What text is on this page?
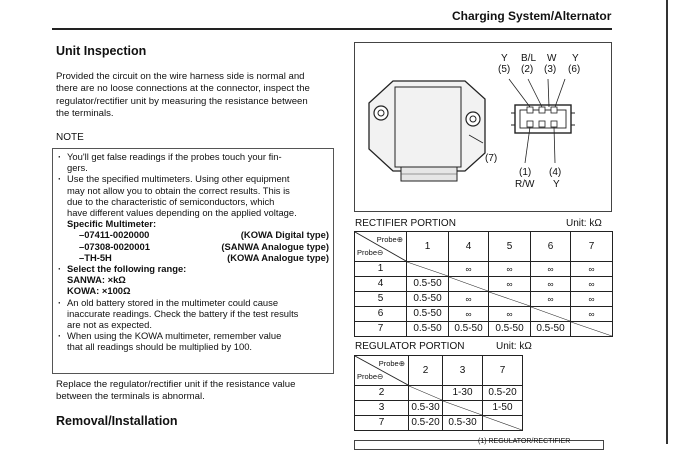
Charging System/Alternator
Unit Inspection
Provided the circuit on the wire harness side is normal and
there are no loose connections at the connector, inspect the
regulator/rectifier unit by measuring the resistance between
the terminals.
NOTE
· You'll get false readings if the probes touch your fin-
gers.
· Use the specified multimeters. Using other equipment
may not allow you to obtain the correct results. This is
due to the characteristic of semiconductors, which
have different values depending on the applied voltage.
Specific Multimeter:
–07411-0020000	(KOWA Digital type)
–07308-0020001	(SANWA Analogue type)
–TH-5H	(KOWA Analogue type)
· Select the following range:
SANWA: ×kΩ
KOWA: ×100Ω
· An old battery stored in the multimeter could cause
inaccurate readings. Check the battery if the test results
are not as expected.
· When using the KOWA multimeter, remember value
that all readings should be multiplied by 100.
Replace the regulator/rectifier unit if the resistance value
between the terminals is abnormal.
Removal/Installation
Y
(5)
B/L
(2)
W
(3)
Y
(6)
(7)
(1)
R/W
(4)
Y
RECTIFIER PORTION	Unit: kΩ
Probe⊕
Probe⊖	1	4	5	6	7
1		∞	∞	∞	∞
4	0.5-50		∞	∞	∞
5	0.5-50	∞		∞	∞
6	0.5-50	∞	∞		∞
7	0.5-50	0.5-50	0.5-50	0.5-50	
REGULATOR PORTION	Unit: kΩ
Probe⊕
Probe⊖	2	3	7
2		1-30	0.5-20
3	0.5-30		1-50
7	0.5-20	0.5-30	
(1) REGULATOR/RECTIFIER
